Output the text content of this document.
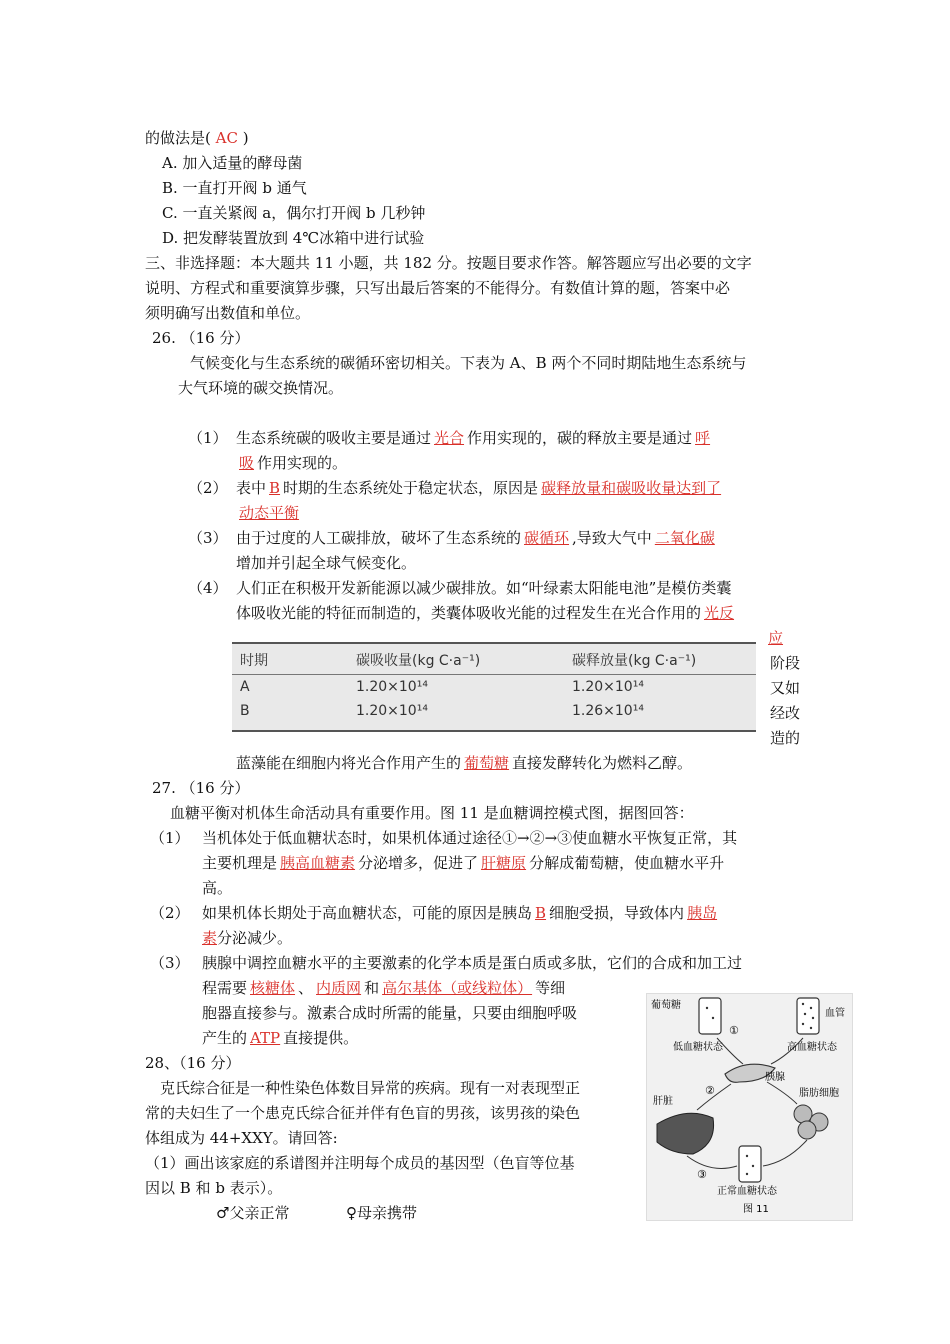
的做法是( AC )
A. 加入适量的酵母菌
B. 一直打开阀 b 通气
C. 一直关紧阀 a，偶尔打开阀 b 几秒钟
D. 把发酵装置放到 4℃冰箱中进行试验
三、非选择题：本大题共 11 小题，共 182 分。按题目要求作答。解答题应写出必要的文字
说明、方程式和重要演算步骤，只写出最后答案的不能得分。有数值计算的题，答案中必
须明确写出数值和单位。
26. （16 分）
气候变化与生态系统的碳循环密切相关。下表为 A、B 两个不同时期陆地生态系统与
大气环境的碳交换情况。
（1） 生态系统碳的吸收主要是通过 光合 作用实现的，碳的释放主要是通过 呼
吸 作用实现的。
（2） 表中 B 时期的生态系统处于稳定状态，原因是 碳释放量和碳吸收量达到了
动态平衡
（3） 由于过度的人工碳排放，破坏了生态系统的 碳循环 ,导致大气中 二氧化碳
增加并引起全球气候变化。
（4） 人们正在积极开发新能源以减少碳排放。如“叶绿素太阳能电池”是模仿类囊
体吸收光能的特征而制造的，类囊体吸收光能的过程发生在光合作用的 光反
应
阶段
又如
经改
造的
蓝藻能在细胞内将光合作用产生的 葡萄糖 直接发酵转化为燃料乙醇。
时期	碳吸收量(kg C·a⁻¹)	碳释放量(kg C·a⁻¹)
A	1.20×10¹⁴	1.20×10¹⁴
B	1.20×10¹⁴	1.26×10¹⁴
27. （16 分）
血糖平衡对机体生命活动具有重要作用。图 11 是血糖调控模式图，据图回答：
（1） 当机体处于低血糖状态时，如果机体通过途径①→②→③使血糖水平恢复正常，其
主要机理是 胰高血糖素 分泌增多，促进了 肝糖原 分解成葡萄糖，使血糖水平升
高。
（2） 如果机体长期处于高血糖状态，可能的原因是胰岛 B 细胞受损，导致体内 胰岛
素分泌减少。
（3） 胰腺中调控血糖水平的主要激素的化学本质是蛋白质或多肽，它们的合成和加工过
程需要 核糖体 、 内质网 和 高尔基体（或线粒体） 等细
胞器直接参与。激素合成时所需的能量，只要由细胞呼吸
产生的 ATP 直接提供。
28、（16 分）
克氏综合征是一种性染色体数目异常的疾病。现有一对表现型正
常的夫妇生了一个患克氏综合征并伴有色盲的男孩，该男孩的染色
体组成为 44+XXY。请回答:
（1）画出该家庭的系谱图并注明每个成员的基因型（色盲等位基
因以 B 和 b 表示）。
♂父亲正常	♀母亲携带
葡萄糖
血管
低血糖状态	高血糖状态
胰腺
肝脏
脂肪细胞
正常血糖状态
图 11
①
②
③
